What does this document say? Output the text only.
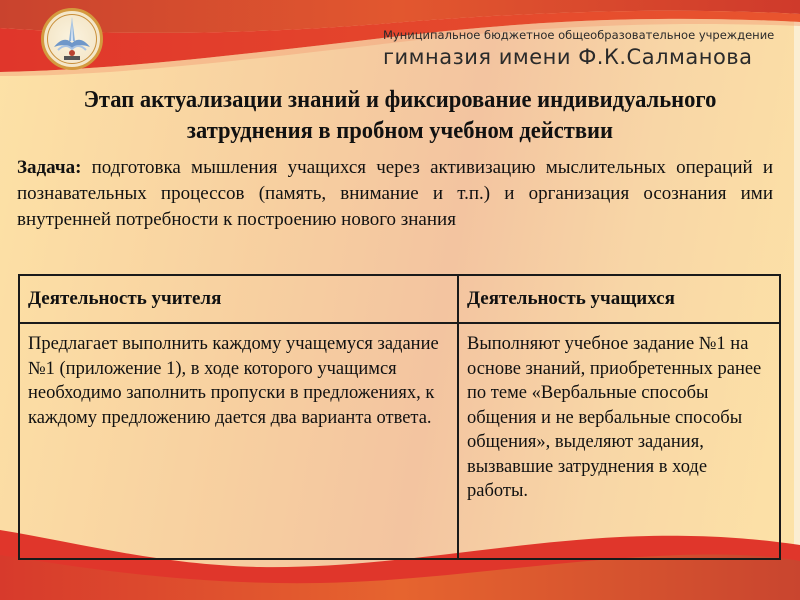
Муниципальное бюджетное общеобразовательное учреждение
гимназия имени Ф.К.Салманова
Этап актуализации знаний и фиксирование индивидуального затруднения в пробном учебном действии
Задача: подготовка мышления учащихся через активизацию мыслительных операций и познавательных процессов (память, внимание и т.п.) и организация осознания ими внутренней потребности к построению нового знания
Деятельность учителя	Деятельность учащихся
Предлагает выполнить каждому учащемуся задание №1 (приложение 1), в ходе которого учащимся необходимо заполнить пропуски в предложениях, к каждому предложению дается два варианта ответа.	Выполняют учебное задание №1 на основе знаний, приобретенных ранее по теме «Вербальные способы общения и не вербальные способы общения», выделяют задания, вызвавшие затруднения в ходе работы.
